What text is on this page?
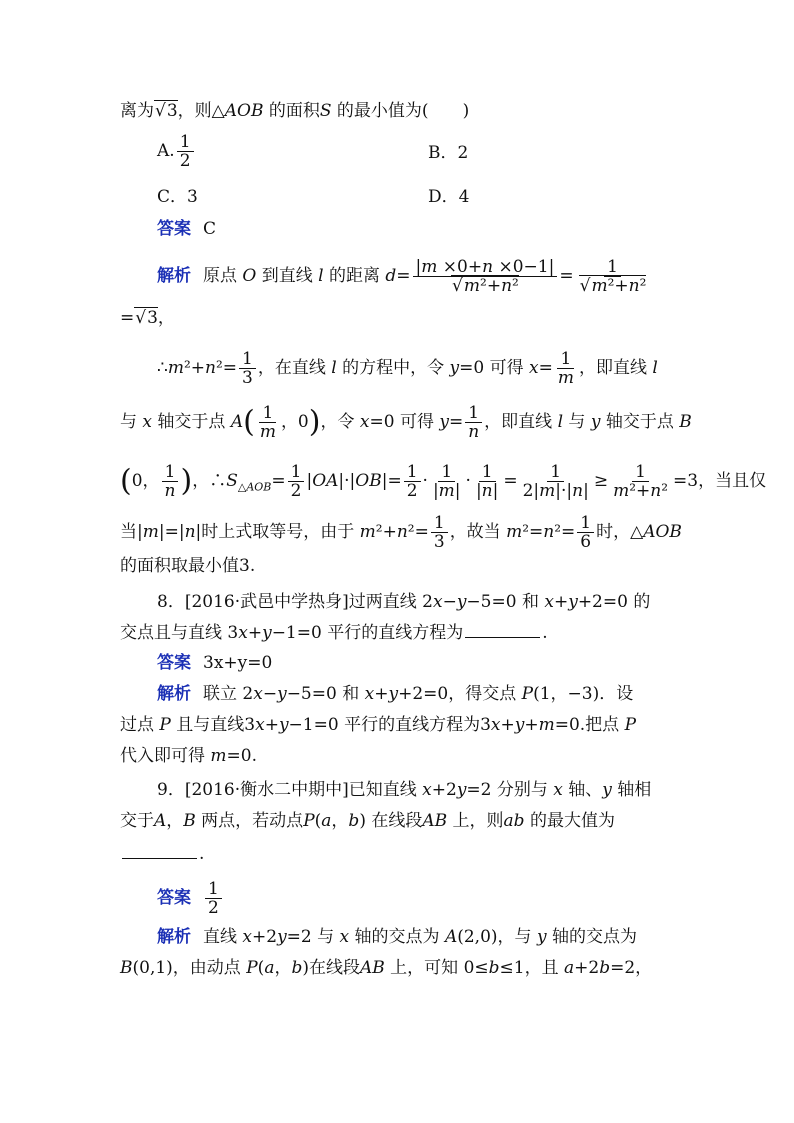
离为 √ 3，则△AOB 的面积S 的最小值为(　　)
A. $\frac{1}{2}$	B．2
C．3	D．4
答案 C
解析 原点 O 到直线 l 的距离 d= |m ×0+n ×0−1|
√ m²+n² = 1
√ m²+n²
= √ 3，
∴m²+n²= $\frac{1}{3}$ ，在直线 l 的方程中，令 y=0 可得 $x= \frac{1}{m}$ ，即直线 l
与 x 轴交于点 $A( \frac{1}{m}$ ，0)，令 x=0 可得 $y= \frac{1}{n}$ ，即直线 l 与 y 轴交于点 B
(0， $\frac{1}{n}$ )，$\therefore S_{\triangle AOB}= \frac{1}{2} |OA|\cdot|OB|= \frac{1}{2} \cdot \frac{1}{|m|} \cdot \frac{1}{|n|} = \frac{1}{2|m|\cdot|n|} \ge \frac{1}{\text{m²+n²}} =3$，当且仅
当|m|=|n|时上式取等号，由于 $m^2+n^2= \frac{1}{3}$ ，故当 $m^2=n^2= \frac{1}{6}$ 时，△AOB
的面积取最小值3.
8．[2016·武邑中学热身]过两直线 2x−y−5=0 和 x+y+2=0 的
交点且与直线 3x+y−1=0 平行的直线方程为	.
答案 3x+y=0
解析 联立 2x−y−5=0 和 x+y+2=0，得交点 P(1，−3)．设
过点 P 且与直线3x+y−1=0 平行的直线方程为3x+y+m=0.把点 P
代入即可得 m=0.
9．[2016·衡水二中期中]已知直线 x+2y=2 分别与 x 轴、y 轴相
交于A，B 两点，若动点P(a，b) 在线段AB 上，则ab 的最大值为
.
答案 $\frac{1}{2}$
解析 直线 x+2y=2 与 x 轴的交点为 A(2,0)，与 y 轴的交点为
B(0,1)，由动点 P(a，b)在线段AB 上，可知 0≤b≤1，且 a+2b=2，
